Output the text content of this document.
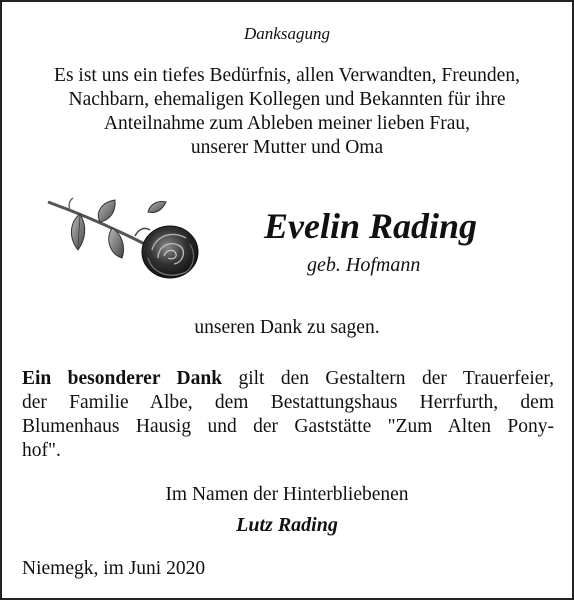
Danksagung
Es ist uns ein tiefes Bedürfnis, allen Verwandten, Freunden,
Nachbarn, ehemaligen Kollegen und Bekannten für ihre
Anteilnahme zum Ableben meiner lieben Frau,
unserer Mutter und Oma
Evelin Rading
geb. Hofmann
unseren Dank zu sagen.
Ein besonderer Dank gilt den Gestaltern der Trauerfeier,
der Familie Albe, dem Bestattungshaus Herrfurth, dem
Blumenhaus Hausig und der Gaststätte "Zum Alten Pony-
hof".
Im Namen der Hinterbliebenen
Lutz Rading
Niemegk, im Juni 2020
